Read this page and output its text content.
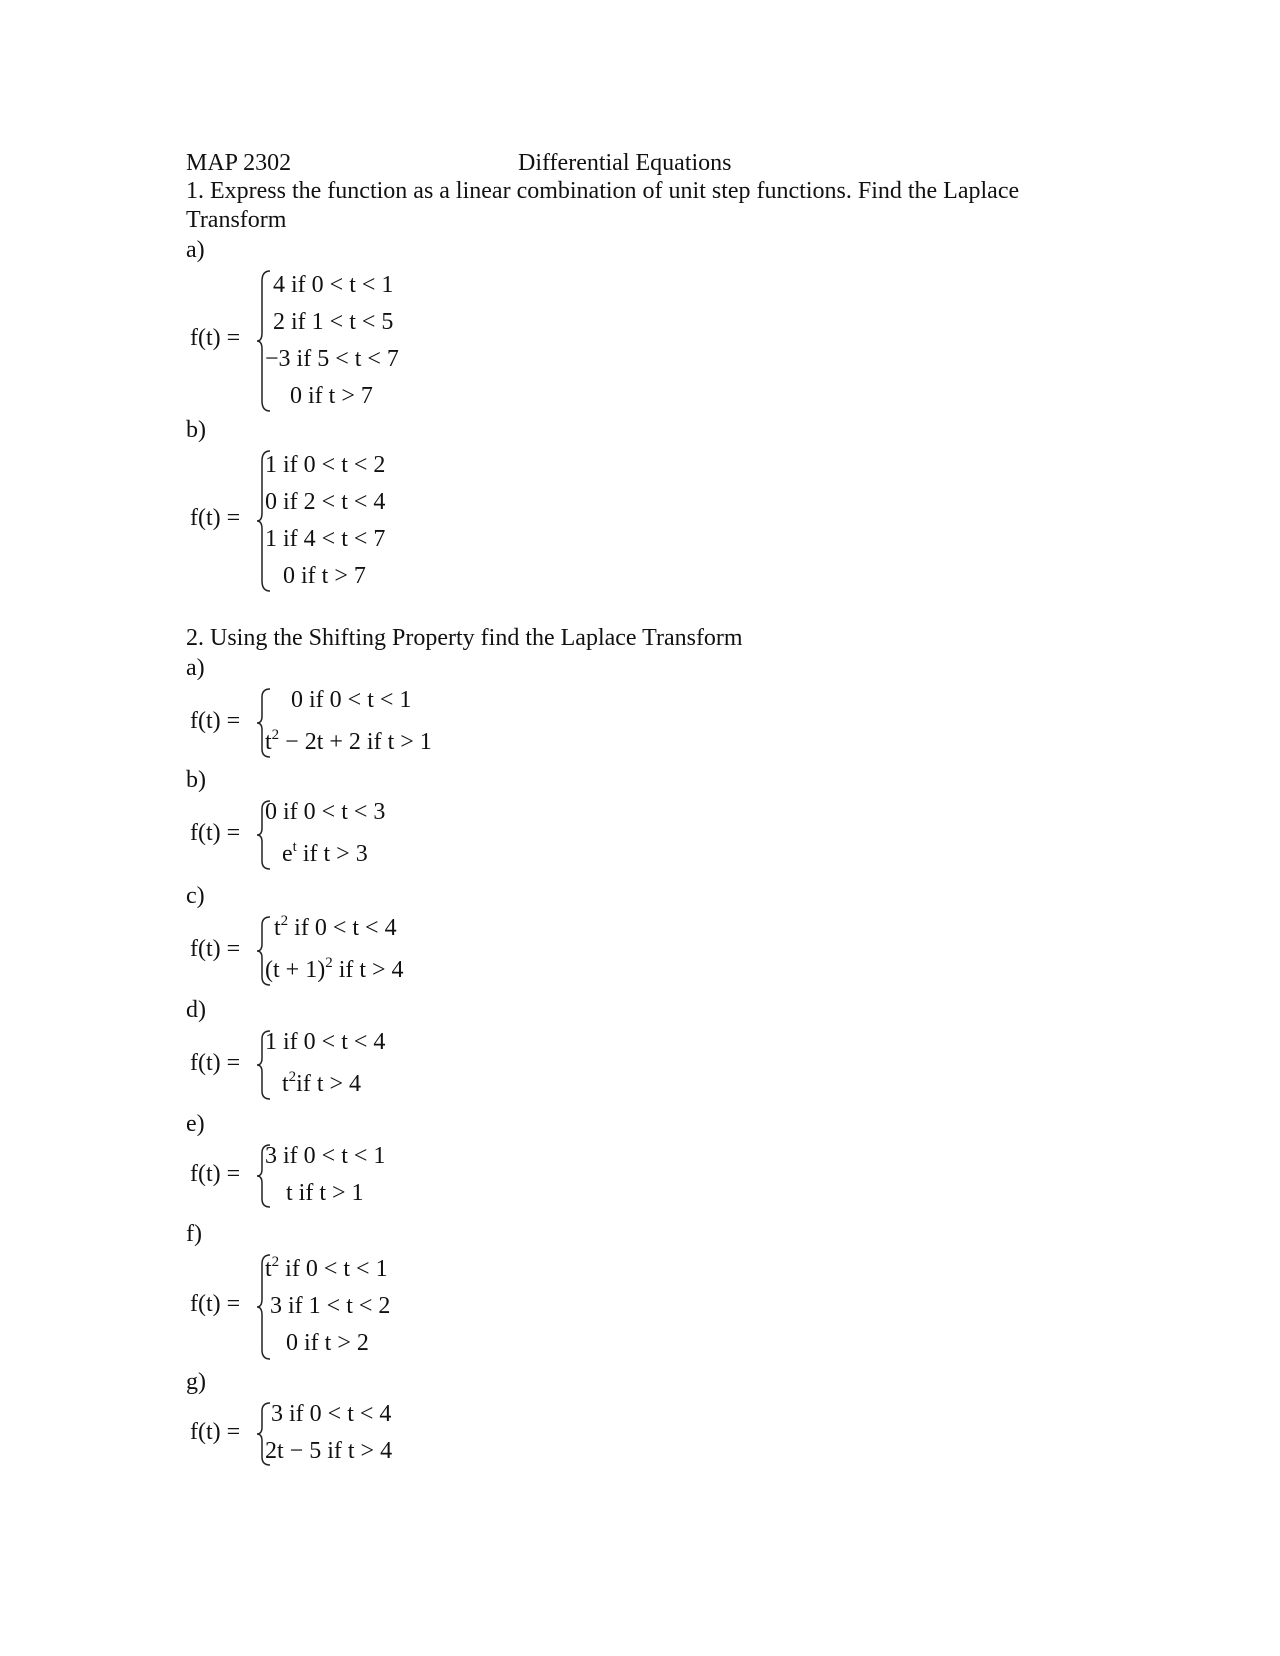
MAP 2302	Differential Equations
1. Express the function as a linear combination of unit step functions. Find the Laplace
Transform
a)
f(t) =
4 if 0 < t < 1
2 if 1 < t < 5
−3 if 5 < t < 7
0 if t > 7
b)
f(t) =
1 if 0 < t < 2
0 if 2 < t < 4
1 if 4 < t < 7
0 if t > 7
2. Using the Shifting Property find the Laplace Transform
a)
f(t) =
0 if 0 < t < 1
$t^2 - 2t + 2$ if t > 1
b)
f(t) =
0 if 0 < t < 3
$e^t$ if t > 3
c)
f(t) =
$t^2$ if 0 < t < 4
$(t + 1)^2$ if t > 4
d)
f(t) =
1 if 0 < t < 4
$t^2if$ t > 4
e)
f(t) =
3 if 0 < t < 1
t if t > 1
f)
f(t) =
$t^2$ if 0 < t < 1
3 if 1 < t < 2
0 if t > 2
g)
f(t) =
3 if 0 < t < 4
2t − 5 if t > 4
